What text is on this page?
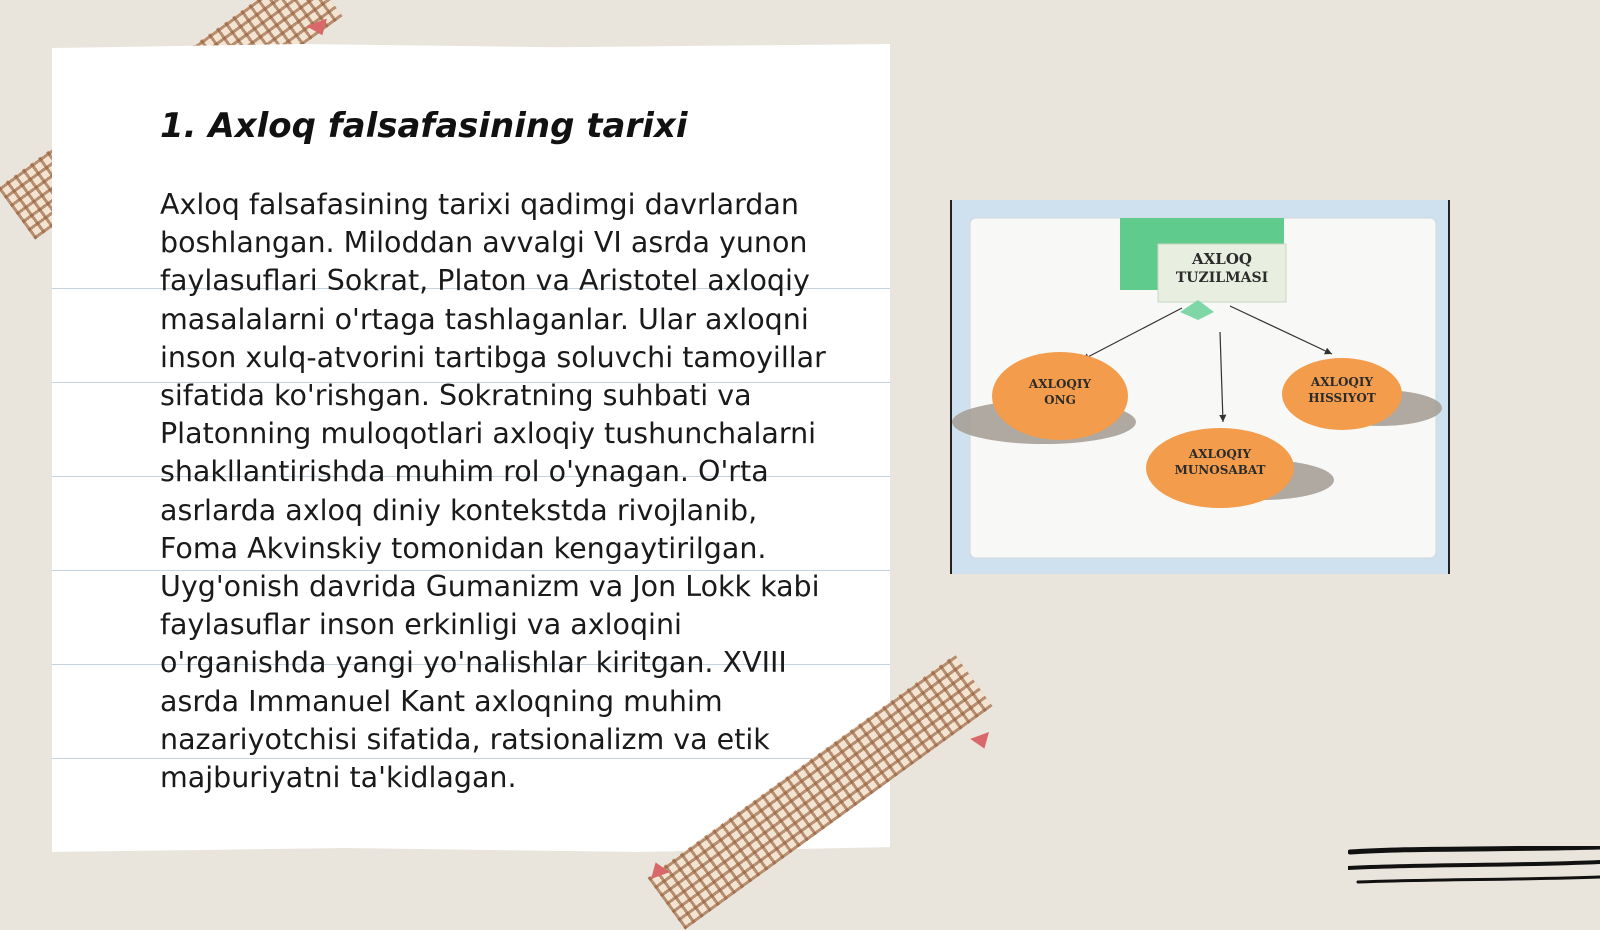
1. Axloq falsafasining tarixi

Axloq falsafasining tarixi qadimgi davrlardan boshlangan. Miloddan avvalgi VI asrda yunon faylasuflari Sokrat, Platon va Aristotel axloqiy masalalarni o'rtaga tashlaganlar. Ular axloqni inson xulq-atvorini tartibga soluvchi tamoyillar sifatida ko'rishgan. Sokratning suhbati va Platonning muloqotlari axloqiy tushunchalarni shakllantirishda muhim rol o'ynagan. O'rta asrlarda axloq diniy kontekstda rivojlanib, Foma Akvinskiy tomonidan kengaytirilgan. Uyg'onish davrida Gumanizm va Jon Lokk kabi faylasuflar inson erkinligi va axloqini o'rganishda yangi yo'nalishlar kiritgan. XVIII asrda Immanuel Kant axloqning muhim nazariyotchisi sifatida, ratsionalizm va etik majburiyatni ta'kidlagan.

AXLOQ
TUZILMASI
AXLOQIY
ONG
AXLOQIY
MUNOSABAT
AXLOQIY
HISSIYOT
